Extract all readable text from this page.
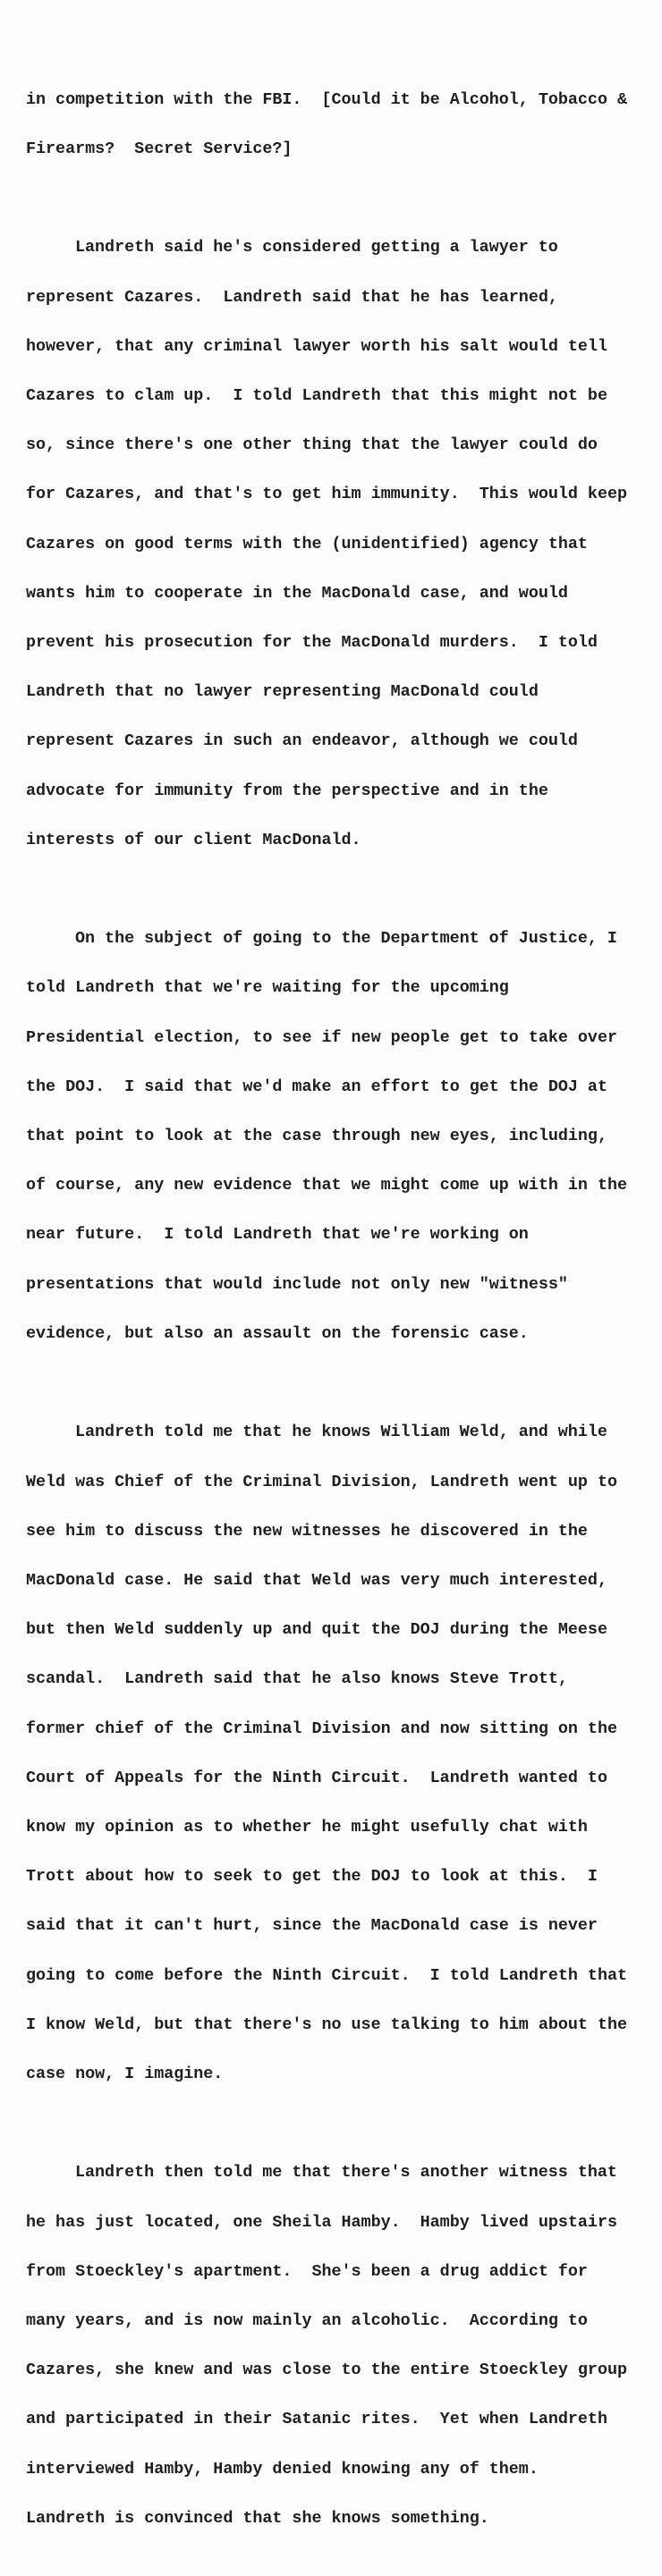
in competition with the FBI.  [Could it be Alcohol, Tobacco &

Firearms?  Secret Service?]

Landreth said he's considered getting a lawyer to

represent Cazares.  Landreth said that he has learned,

however, that any criminal lawyer worth his salt would tell

Cazares to clam up.  I told Landreth that this might not be

so, since there's one other thing that the lawyer could do

for Cazares, and that's to get him immunity.  This would keep

Cazares on good terms with the (unidentified) agency that

wants him to cooperate in the MacDonald case, and would

prevent his prosecution for the MacDonald murders.  I told

Landreth that no lawyer representing MacDonald could

represent Cazares in such an endeavor, although we could

advocate for immunity from the perspective and in the

interests of our client MacDonald.

On the subject of going to the Department of Justice, I

told Landreth that we're waiting for the upcoming

Presidential election, to see if new people get to take over

the DOJ.  I said that we'd make an effort to get the DOJ at

that point to look at the case through new eyes, including,

of course, any new evidence that we might come up with in the

near future.  I told Landreth that we're working on

presentations that would include not only new "witness"

evidence, but also an assault on the forensic case.

Landreth told me that he knows William Weld, and while

Weld was Chief of the Criminal Division, Landreth went up to

see him to discuss the new witnesses he discovered in the

MacDonald case. He said that Weld was very much interested,

but then Weld suddenly up and quit the DOJ during the Meese

scandal.  Landreth said that he also knows Steve Trott,

former chief of the Criminal Division and now sitting on the

Court of Appeals for the Ninth Circuit.  Landreth wanted to

know my opinion as to whether he might usefully chat with

Trott about how to seek to get the DOJ to look at this.  I

said that it can't hurt, since the MacDonald case is never

going to come before the Ninth Circuit.  I told Landreth that

I know Weld, but that there's no use talking to him about the

case now, I imagine.

Landreth then told me that there's another witness that

he has just located, one Sheila Hamby.  Hamby lived upstairs

from Stoeckley's apartment.  She's been a drug addict for

many years, and is now mainly an alcoholic.  According to

Cazares, she knew and was close to the entire Stoeckley group

and participated in their Satanic rites.  Yet when Landreth

interviewed Hamby, Hamby denied knowing any of them.

Landreth is convinced that she knows something.
